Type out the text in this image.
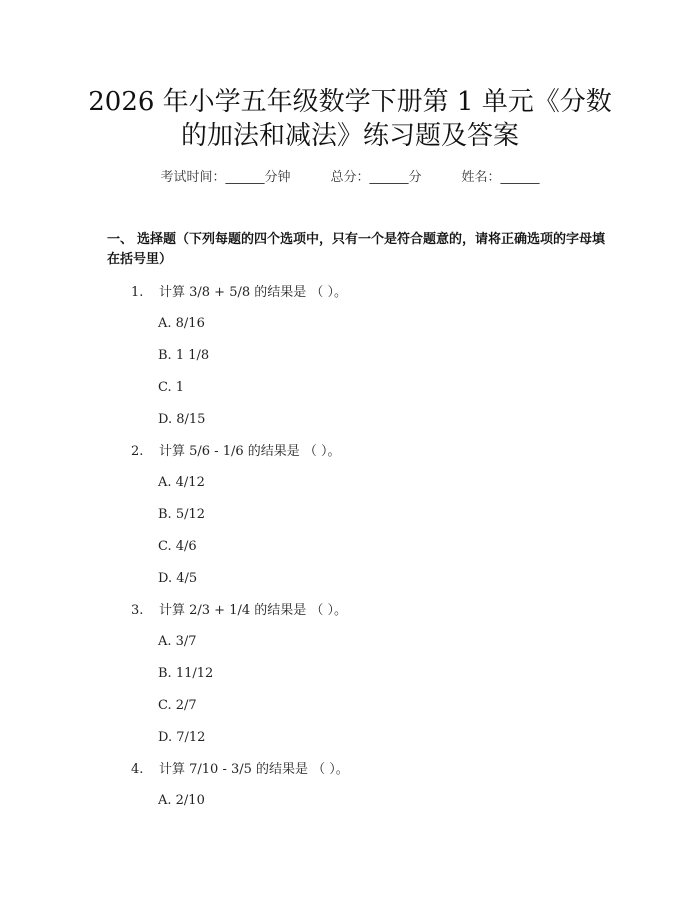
2026 年小学五年级数学下册第 1 单元《分数
的加法和减法》练习题及答案
考试时间：______分钟	总分：______分	姓名：______
一、 选择题（下列每题的四个选项中，只有一个是符合题意的，请将正确选项的字母填在括号里）
1. 计算 3/8 + 5/8 的结果是 （ ）。
A. 8/16
B. 1 1/8
C. 1
D. 8/15
2. 计算 5/6 - 1/6 的结果是 （ ）。
A. 4/12
B. 5/12
C. 4/6
D. 4/5
3. 计算 2/3 + 1/4 的结果是 （ ）。
A. 3/7
B. 11/12
C. 2/7
D. 7/12
4. 计算 7/10 - 3/5 的结果是 （ ）。
A. 2/10
